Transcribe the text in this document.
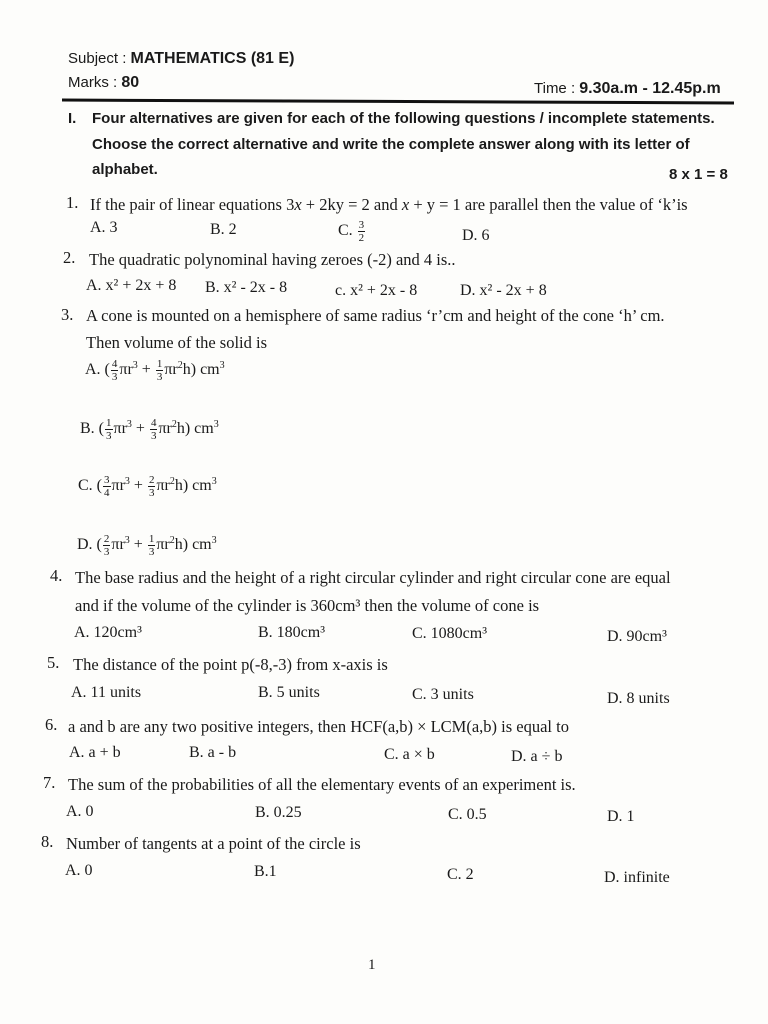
Subject : MATHEMATICS (81 E)
Marks : 80	Time : 9.30a.m - 12.45p.m
I. Four alternatives are given for each of the following questions / incomplete statements.
Choose the correct alternative and write the complete answer along with its letter of
alphabet.	8 x 1 = 8
1. If the pair of linear equations 3x + 2ky = 2 and x + y = 1 are parallel then the value of ‘k’is
A. 3	B. 2	C. $\frac{3}{2}$	D. 6
2. The quadratic polynominal having zeroes (-2) and 4 is..
A. x² + 2x + 8 B. x² - 2x - 8	c. x² + 2x - 8	D. x² - 2x + 8
3. A cone is mounted on a hemisphere of same radius ‘r’cm and height of the cone ‘h’ cm.
Then volume of the solid is
A. ( $\frac{4}{3} \pi r^3 + \frac{1}{3} \pi r^2h$) $cm^3$
B. ( $\frac{1}{3} \pi r^3 + \frac{4}{3} \pi r^2h$) $cm^3$
C. ( $\frac{3}{4} \pi r^3 + \frac{2}{3} \pi r^2h$) $cm^3$
D. ( $\frac{2}{3} \pi r^3 + \frac{1}{3} \pi r^2h$) $cm^3$
4. The base radius and the height of a right circular cylinder and right circular cone are equal
and if the volume of the cylinder is 360cm³ then the volume of cone is
A. 120cm³	B. 180cm³	C. 1080cm³	D. 90cm³
5. The distance of the point p(-8,-3) from x-axis is
A. 11 units	B. 5 units	C. 3 units	D. 8 units
6. a and b are any two positive integers, then HCF(a,b) × LCM(a,b) is equal to
A. a + b	B. a - b	C. a × b	D. a ÷ b
7. The sum of the probabilities of all the elementary events of an experiment is.
A. 0	B. 0.25	C. 0.5	D. 1
8. Number of tangents at a point of the circle is
A. 0	B.1	C. 2	D. infinite
1
